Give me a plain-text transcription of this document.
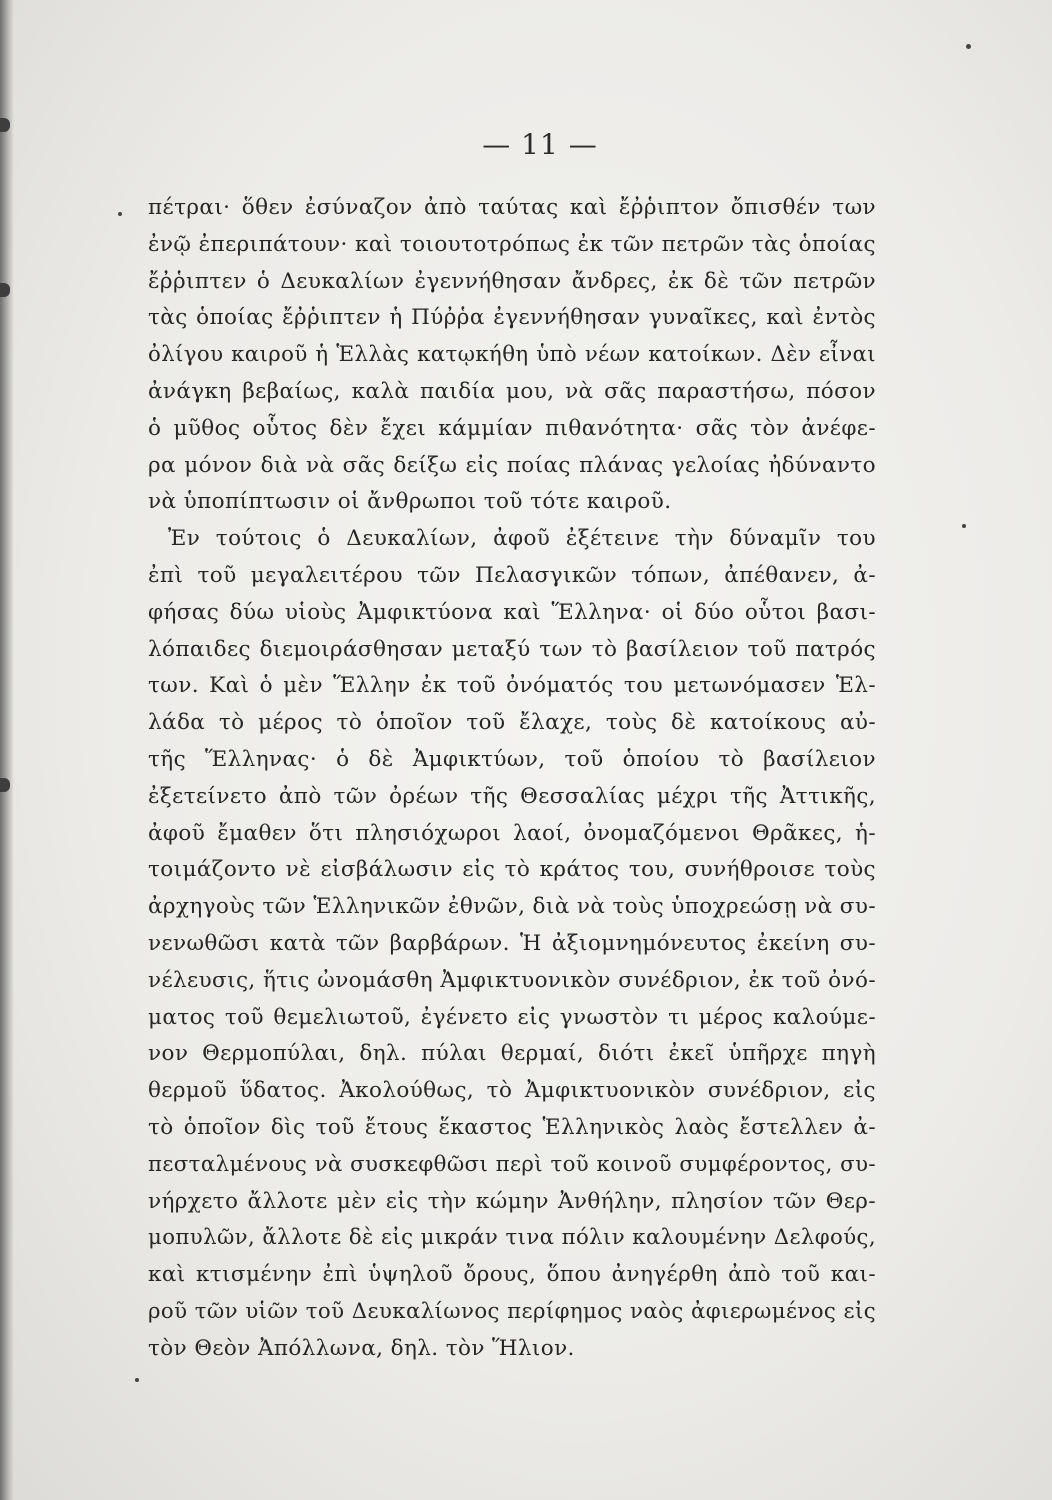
— 11 —
πέτραι· ὅθεν ἐσύναζον ἀπὸ ταύτας καὶ ἔῤῥιπτον ὄπισθέν των
ἐνῷ ἐπεριπάτουν· καὶ τοιουτοτρόπως ἐκ τῶν πετρῶν τὰς ὁποίας
ἔῤῥιπτεν ὁ Δευκαλίων ἐγεννήθησαν ἄνδρες, ἐκ δὲ τῶν πετρῶν
τὰς ὁποίας ἔῤῥιπτεν ἡ Πύῤῥα ἐγεννήθησαν γυναῖκες, καὶ ἐντὸς
ὀλίγου καιροῦ ἡ Ἑλλὰς κατῳκήθη ὑπὸ νέων κατοίκων. Δὲν εἶναι
ἀνάγκη βεβαίως, καλὰ παιδία μου, νὰ σᾶς παραστήσω, πόσον
ὁ μῦθος οὗτος δὲν ἔχει κάμμίαν πιθανότητα· σᾶς τὸν ἀνέφε-
ρα μόνον διὰ νὰ σᾶς δείξω εἰς ποίας πλάνας γελοίας ἠδύναντο
νὰ ὑποπίπτωσιν οἱ ἄνθρωποι τοῦ τότε καιροῦ.
Ἐν τούτοις ὁ Δευκαλίων, ἀφοῦ ἐξέτεινε τὴν δύναμῖν του
ἐπὶ τοῦ μεγαλειτέρου τῶν Πελασγικῶν τόπων, ἀπέθανεν, ἀ-
φήσας δύω υἱοὺς Ἀμφικτύονα καὶ Ἕλληνα· οἱ δύο οὗτοι βασι-
λόπαιδες διεμοιράσθησαν μεταξύ των τὸ βασίλειον τοῦ πατρός
των. Καὶ ὁ μὲν Ἕλλην ἐκ τοῦ ὀνόματός του μετωνόμασεν Ἑλ-
λάδα τὸ μέρος τὸ ὁποῖον τοῦ ἔλαχε, τοὺς δὲ κατοίκους αὐ-
τῆς Ἕλληνας· ὁ δὲ Ἀμφικτύων, τοῦ ὁποίου τὸ βασίλειον
ἐξετείνετο ἀπὸ τῶν ὀρέων τῆς Θεσσαλίας μέχρι τῆς Ἀττικῆς,
ἀφοῦ ἔμαθεν ὅτι πλησιόχωροι λαοί, ὀνομαζόμενοι Θρᾶκες, ἡ-
τοιμάζοντο νὲ εἰσβάλωσιν εἰς τὸ κράτος του, συνήθροισε τοὺς
ἀρχηγοὺς τῶν Ἑλληνικῶν ἐθνῶν, διὰ νὰ τοὺς ὑποχρεώσῃ νὰ συ-
νενωθῶσι κατὰ τῶν βαρβάρων. Ἡ ἀξιομνημόνευτος ἐκείνη συ-
νέλευσις, ἥτις ὠνομάσθη Ἀμφικτυονικὸν συνέδριον, ἐκ τοῦ ὀνό-
ματος τοῦ θεμελιωτοῦ, ἐγένετο εἰς γνωστὸν τι μέρος καλούμε-
νον Θερμοπύλαι, δηλ. πύλαι θερμαί, διότι ἐκεῖ ὑπῆρχε πηγὴ
θερμοῦ ὕδατος. Ἀκολούθως, τὸ Ἀμφικτυονικὸν συνέδριον, εἰς
τὸ ὁποῖον δὶς τοῦ ἔτους ἕκαστος Ἑλληνικὸς λαὸς ἔστελλεν ἀ-
πεσταλμένους νὰ συσκεφθῶσι περὶ τοῦ κοινοῦ συμφέροντος, συ-
νήρχετο ἄλλοτε μὲν εἰς τὴν κώμην Ἀνθήλην, πλησίον τῶν Θερ-
μοπυλῶν, ἄλλοτε δὲ εἰς μικράν τινα πόλιν καλουμένην Δελφούς,
καὶ κτισμένην ἐπὶ ὑψηλοῦ ὄρους, ὅπου ἀνηγέρθη ἀπὸ τοῦ και-
ροῦ τῶν υἱῶν τοῦ Δευκαλίωνος περίφημος ναὸς ἀφιερωμένος εἰς
τὸν Θεὸν Ἀπόλλωνα, δηλ. τὸν Ἥλιον.
